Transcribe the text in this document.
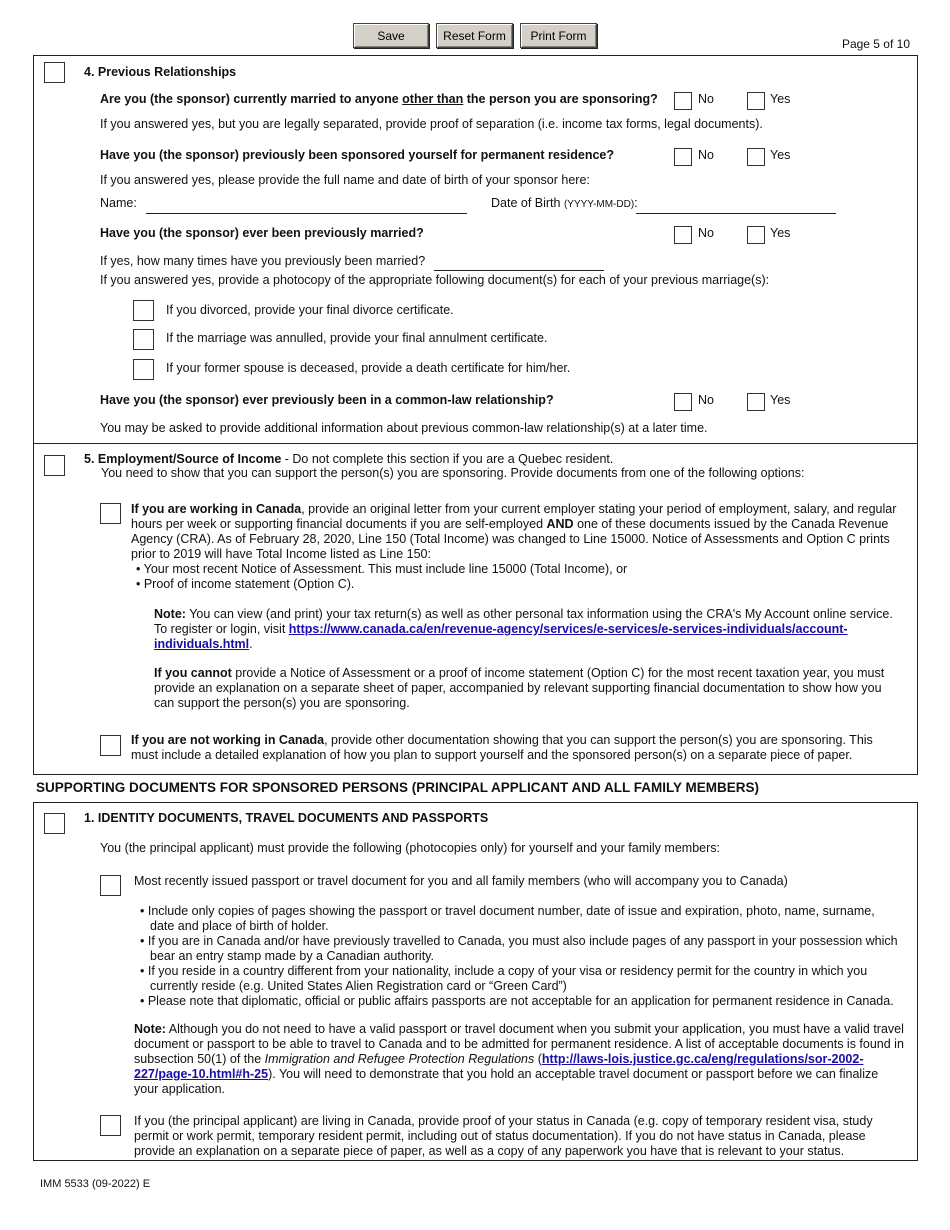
Save	Reset Form	Print Form
Page 5 of 10

4. Previous Relationships

Are you (the sponsor) currently married to anyone other than the person you are sponsoring?	No	Yes

If you answered yes, but you are legally separated, provide proof of separation (i.e. income tax forms, legal documents).

Have you (the sponsor) previously been sponsored yourself for permanent residence?	No	Yes

If you answered yes, please provide the full name and date of birth of your sponsor here:

Name:	Date of Birth (YYYY-MM-DD):

Have you (the sponsor) ever been previously married?	No	Yes

If yes, how many times have you previously been married?

If you answered yes, provide a photocopy of the appropriate following document(s) for each of your previous marriage(s):

If you divorced, provide your final divorce certificate.

If the marriage was annulled, provide your final annulment certificate.

If your former spouse is deceased, provide a death certificate for him/her.

Have you (the sponsor) ever previously been in a common-law relationship?	No	Yes

You may be asked to provide additional information about previous common-law relationship(s) at a later time.

5. Employment/Source of Income - Do not complete this section if you are a Quebec resident.

You need to show that you can support the person(s) you are sponsoring. Provide documents from one of the following options:

If you are working in Canada, provide an original letter from your current employer stating your period of employment, salary, and regular hours per week or supporting financial documents if you are self-employed AND one of these documents issued by the Canada Revenue Agency (CRA). As of February 28, 2020, Line 150 (Total Income) was changed to Line 15000. Notice of Assessments and Option C prints prior to 2019 will have Total Income listed as Line 150:

• Your most recent Notice of Assessment. This must include line 15000 (Total Income), or
• Proof of income statement (Option C).

Note: You can view (and print) your tax return(s) as well as other personal tax information using the CRA's My Account online service. To register or login, visit https://www.canada.ca/en/revenue-agency/services/e-services/e-services-individuals/account-individuals.html.

If you cannot provide a Notice of Assessment or a proof of income statement (Option C) for the most recent taxation year, you must provide an explanation on a separate sheet of paper, accompanied by relevant supporting financial documentation to show how you can support the person(s) you are sponsoring.

If you are not working in Canada, provide other documentation showing that you can support the person(s) you are sponsoring. This must include a detailed explanation of how you plan to support yourself and the sponsored person(s) on a separate piece of paper.

SUPPORTING DOCUMENTS FOR SPONSORED PERSONS (PRINCIPAL APPLICANT AND ALL FAMILY MEMBERS)

1. IDENTITY DOCUMENTS, TRAVEL DOCUMENTS AND PASSPORTS

You (the principal applicant) must provide the following (photocopies only) for yourself and your family members:

Most recently issued passport or travel document for you and all family members (who will accompany you to Canada)

• Include only copies of pages showing the passport or travel document number, date of issue and expiration, photo, name, surname, date and place of birth of holder.
• If you are in Canada and/or have previously travelled to Canada, you must also include pages of any passport in your possession which bear an entry stamp made by a Canadian authority.
• If you reside in a country different from your nationality, include a copy of your visa or residency permit for the country in which you currently reside (e.g. United States Alien Registration card or “Green Card”)
• Please note that diplomatic, official or public affairs passports are not acceptable for an application for permanent residence in Canada.

Note: Although you do not need to have a valid passport or travel document when you submit your application, you must have a valid travel document or passport to be able to travel to Canada and to be admitted for permanent residence. A list of acceptable documents is found in subsection 50(1) of the Immigration and Refugee Protection Regulations (http://laws-lois.justice.gc.ca/eng/regulations/sor-2002-227/page-10.html#h-25). You will need to demonstrate that you hold an acceptable travel document or passport before we can finalize your application.

If you (the principal applicant) are living in Canada, provide proof of your status in Canada (e.g. copy of temporary resident visa, study permit or work permit, temporary resident permit, including out of status documentation). If you do not have status in Canada, please provide an explanation on a separate piece of paper, as well as a copy of any paperwork you have that is relevant to your status.

IMM 5533 (09-2022) E
